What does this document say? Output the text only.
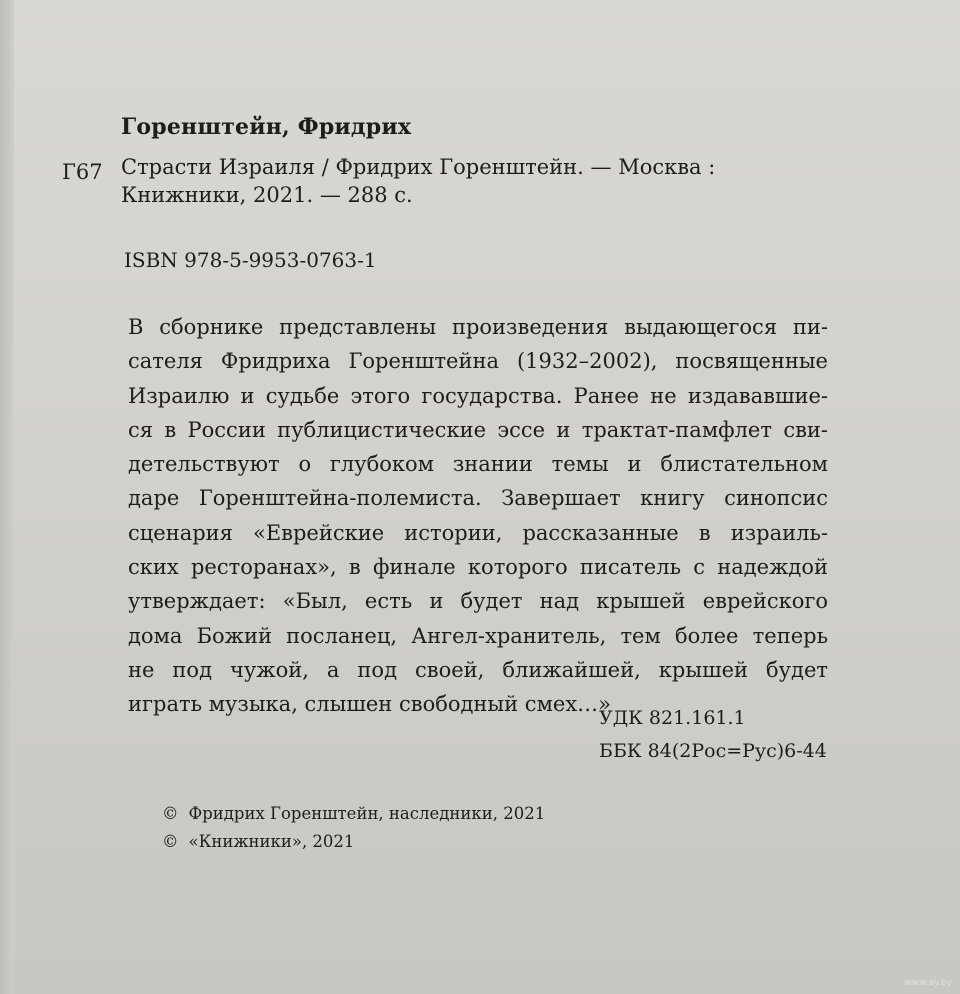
Горенштейн, Фридрих
Г67 Страсти Израиля / Фридрих Горенштейн. — Москва :
Книжники, 2021. — 288 с.
ISBN 978-5-9953-0763-1
В сборнике представлены произведения выдающегося пи-
сателя Фридриха Горенштейна (1932–2002), посвященные
Израилю и судьбе этого государства. Ранее не издававшие-
ся в России публицистические эссе и трактат-памфлет сви-
детельствуют о глубоком знании темы и блистательном
даре Горенштейна-полемиста. Завершает книгу синопсис
сценария «Еврейские истории, рассказанные в израиль-
ских ресторанах», в финале которого писатель с надеждой
утверждает: «Был, есть и будет над крышей еврейского
дома Божий посланец, Ангел-хранитель, тем более теперь
не под чужой, а под своей, ближайшей, крышей будет
играть музыка, слышен свободный смех…»
УДК 821.161.1
ББК 84(2Рос=Рус)6-44
© Фридрих Горенштейн, наследники, 2021
© «Книжники», 2021
www.ay.by
